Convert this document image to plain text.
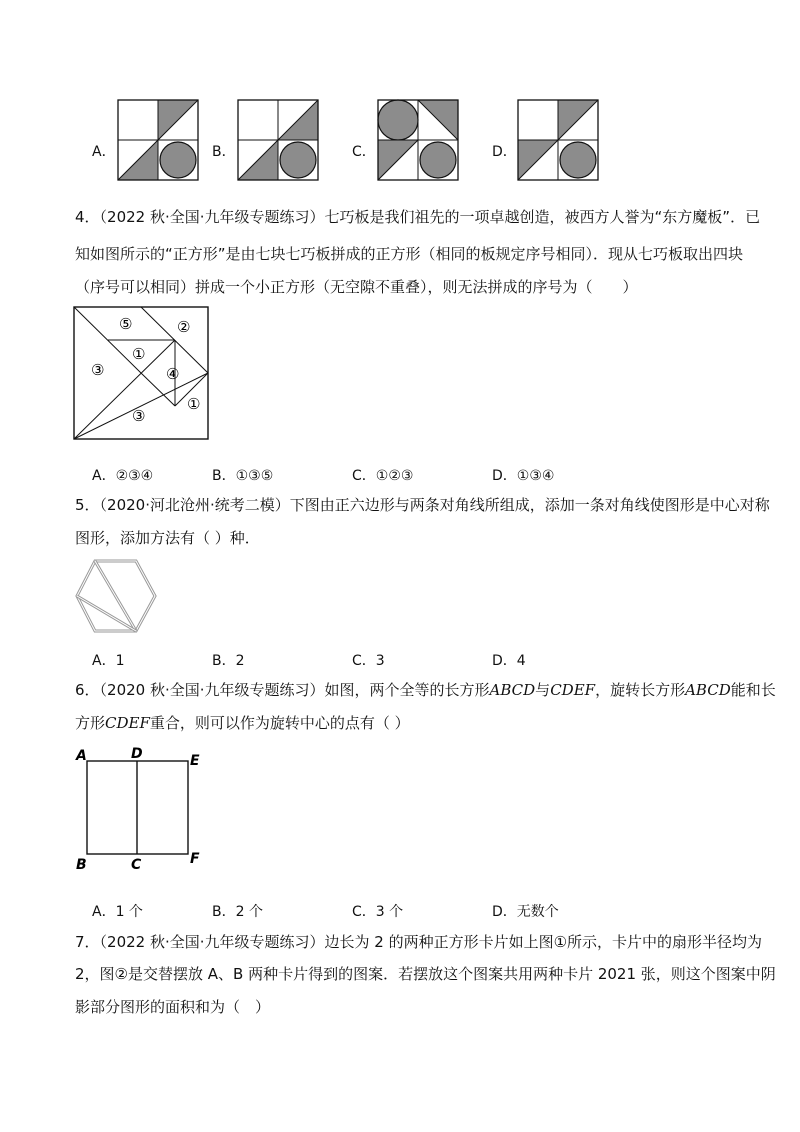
A．	B．	C．	D．
4．（2022 秋·全国·九年级专题练习）七巧板是我们祖先的一项卓越创造，被西方人誉为“东方魔板”．已
知如图所示的“正方形”是由七块七巧板拼成的正方形（相同的板规定序号相同）．现从七巧板取出四块
（序号可以相同）拼成一个小正方形（无空隙不重叠），则无法拼成的序号为（　　）
⑤	②
①
③	④
③
①
A．②③④	B．①③⑤	C．①②③	D．①③④
5．（2020·河北沧州·统考二模）下图由正六边形与两条对角线所组成，添加一条对角线使图形是中心对称
图形，添加方法有（ ）种．
A．1	B．2	C．3	D．4
6．（2020 秋·全国·九年级专题练习）如图，两个全等的长方形ABCD与CDEF，旋转长方形ABCD能和长
方形CDEF重合，则可以作为旋转中心的点有（ ）
A	D	E
B	C	F
A．1 个	B．2 个	C．3 个	D．无数个
7．（2022 秋·全国·九年级专题练习）边长为 2 的两种正方形卡片如上图①所示，卡片中的扇形半径均为
2，图②是交替摆放 A、B 两种卡片得到的图案．若摆放这个图案共用两种卡片 2021 张，则这个图案中阴
影部分图形的面积和为（　）
